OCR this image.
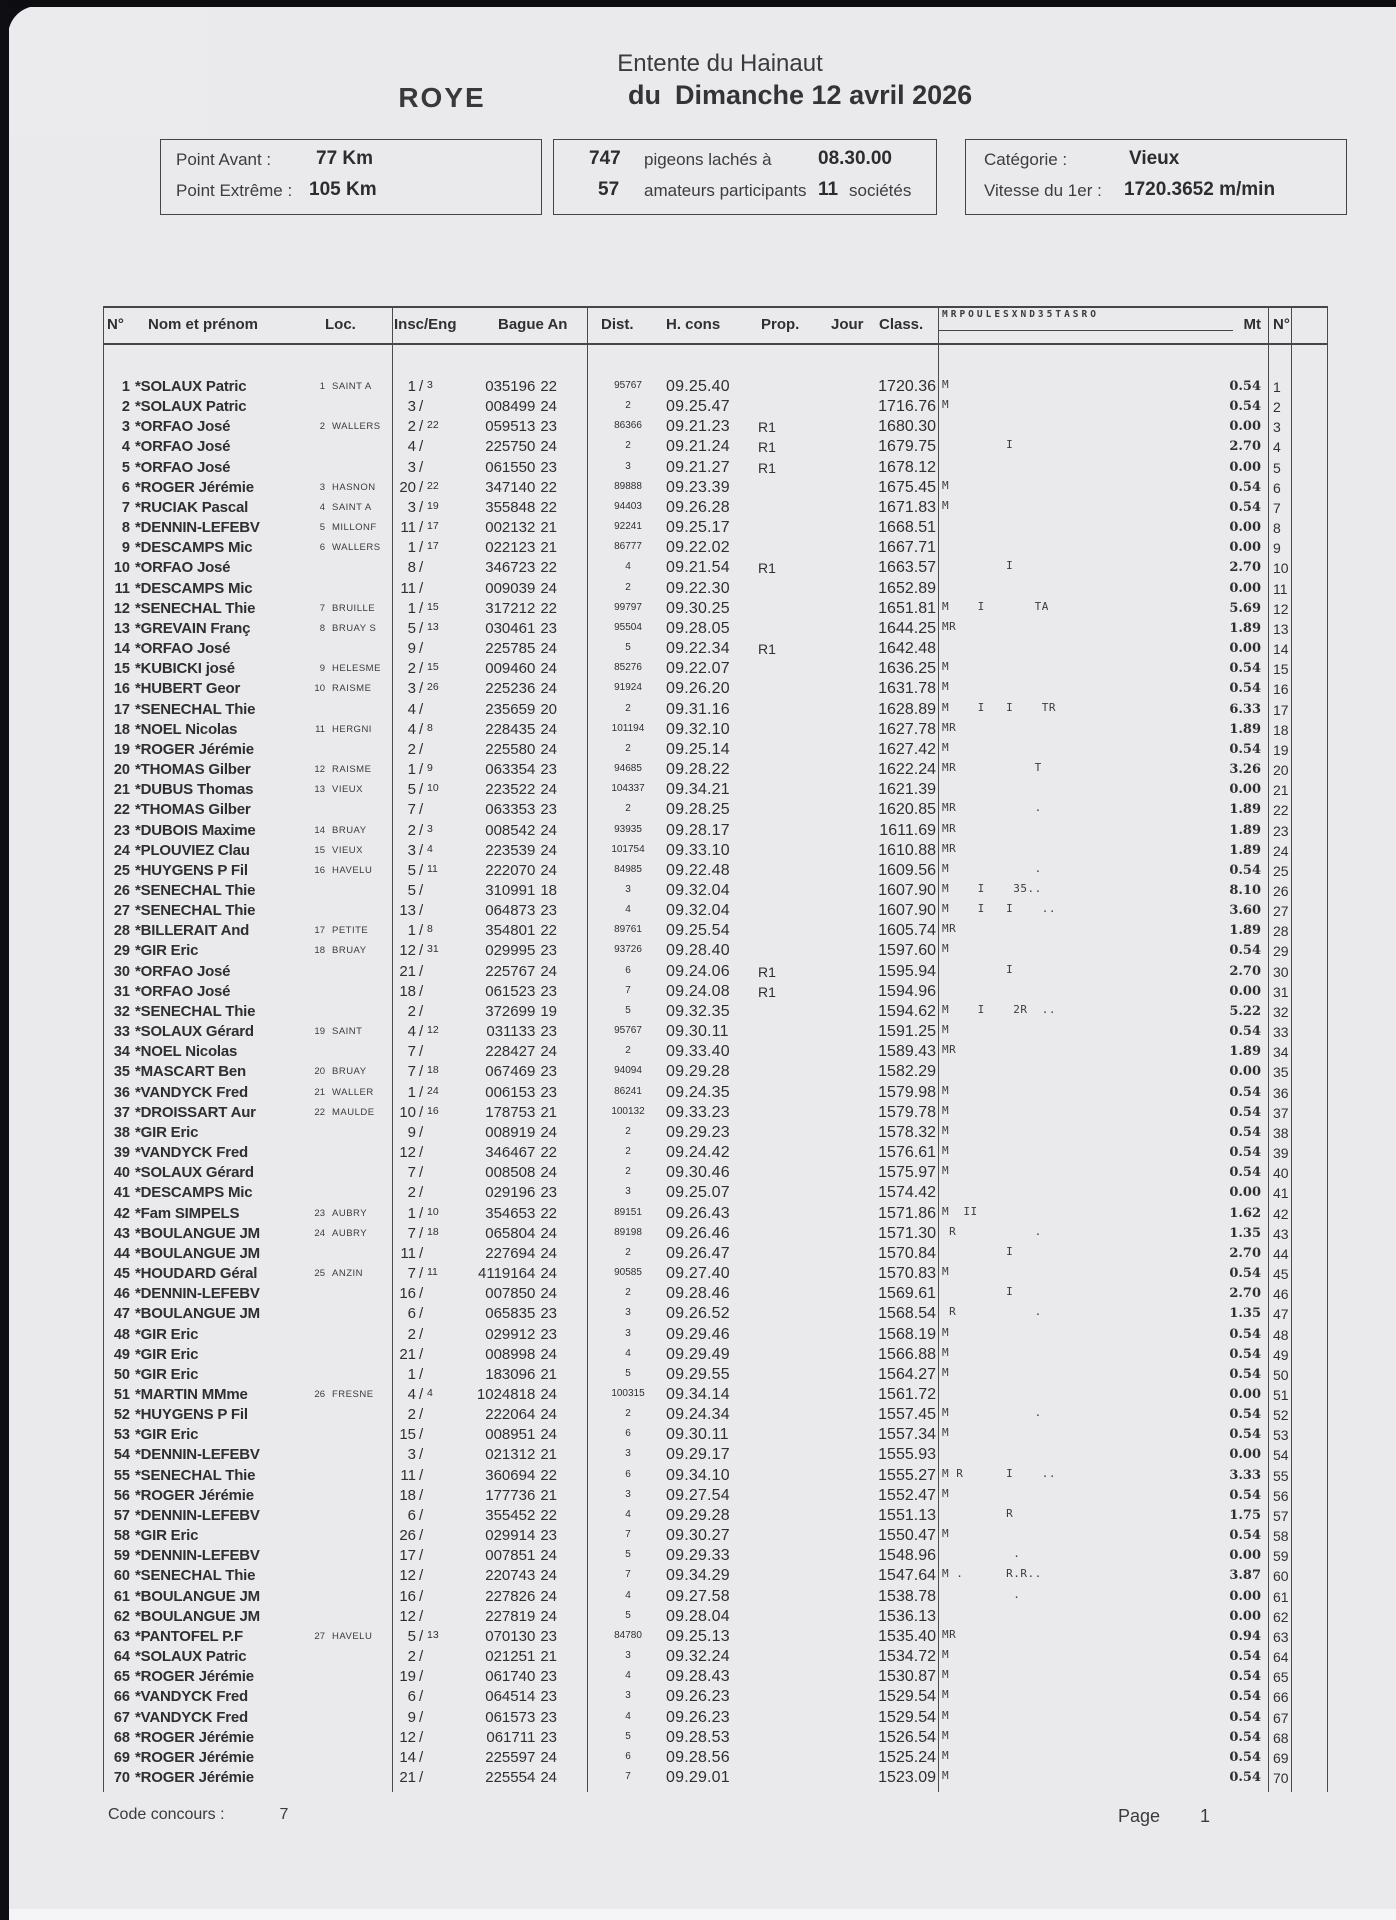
Entente du Hainaut
ROYE	du Dimanche 12 avril 2026
Point Avant : 77 Km
Point Extrême : 105 Km
747 pigeons lachés à 08.30.00
57 amateurs participants 11 sociétés
Catégorie :	Vieux
Vitesse du 1er : 1720.3652 m/min
N° Nom et prénom	Loc.	Insc/Eng	Bague An Dist. H. cons	Prop. Jour Class.
MRPOULESXND35TASRO
Mt N°
1 *SOLAUX Patric	1 SAINT A	1 / 3	035196 22	95767	09.25.40	1720.36 M	0.54 1
2 *SOLAUX Patric	3 /	008499 24	2	09.25.47	1716.76 M	0.54 2
3 *ORFAO José	2 WALLERS	2 / 22	059513 23	86366	09.21.23	R1	1680.30	0.00 3
4 *ORFAO José	4 /	225750 24	2	09.21.24	R1	1679.75 I	2.70 4
5 *ORFAO José	3 /	061550 23	3	09.21.27	R1	1678.12	0.00 5
6 *ROGER Jérémie	3 HASNON	20 / 22	347140 22	89888	09.23.39	1675.45 M	0.54 6
7 *RUCIAK Pascal	4 SAINT A	3 / 19	355848 22	94403	09.26.28	1671.83 M	0.54 7
8 *DENNIN-LEFEBV	5 MILLONF	11 / 17	002132 21	92241	09.25.17	1668.51	0.00 8
9 *DESCAMPS Mic	6 WALLERS	1 / 17	022123 21	86777	09.22.02	1667.71	0.00 9
10 *ORFAO José	8 /	346723 22	4	09.21.54	R1	1663.57 I	2.70 10
11 *DESCAMPS Mic	11 /	009039 24	2	09.22.30	1652.89	0.00 11
12 *SENECHAL Thie	7 BRUILLE	1 / 15	317212 22	99797	09.30.25	1651.81 M    I       TA	5.69 12
13 *GREVAIN Franç	8 BRUAY S	5 / 13	030461 23	95504	09.28.05	1644.25 MR	1.89 13
14 *ORFAO José	9 /	225785 24	5	09.22.34	R1	1642.48	0.00 14
15 *KUBICKI josé	9 HELESME	2 / 15	009460 24	85276	09.22.07	1636.25 M	0.54 15
16 *HUBERT Geor	10 RAISME	3 / 26	225236 24	91924	09.26.20	1631.78 M	0.54 16
17 *SENECHAL Thie	4 /	235659 20	2	09.31.16	1628.89 M    I   I    TR	6.33 17
18 *NOEL Nicolas	11 HERGNI	4 / 8	228435 24	101194	09.32.10	1627.78 MR	1.89 18
19 *ROGER Jérémie	2 /	225580 24	2	09.25.14	1627.42 M	0.54 19
20 *THOMAS Gilber	12 RAISME	1 / 9	063354 23	94685	09.28.22	1622.24 MR           T	3.26 20
21 *DUBUS Thomas	13 VIEUX	5 / 10	223522 24	104337	09.34.21	1621.39	0.00 21
22 *THOMAS Gilber	7 /	063353 23	2	09.28.25	1620.85 MR           .	1.89 22
23 *DUBOIS Maxime	14 BRUAY	2 / 3	008542 24	93935	09.28.17	1611.69 MR	1.89 23
24 *PLOUVIEZ Clau	15 VIEUX	3 / 4	223539 24	101754	09.33.10	1610.88 MR	1.89 24
25 *HUYGENS P Fil	16 HAVELU	5 / 11	222070 24	84985	09.22.48	1609.56 M            .	0.54 25
26 *SENECHAL Thie	5 /	310991 18	3	09.32.04	1607.90 M    I    35..	8.10 26
27 *SENECHAL Thie	13 /	064873 23	4	09.32.04	1607.90 M    I   I    ..	3.60 27
28 *BILLERAIT And	17 PETITE	1 / 8	354801 22	89761	09.25.54	1605.74 MR	1.89 28
29 *GIR Eric	18 BRUAY	12 / 31	029995 23	93726	09.28.40	1597.60 M	0.54 29
30 *ORFAO José	21 /	225767 24	6	09.24.06	R1	1595.94 I	2.70 30
31 *ORFAO José	18 /	061523 23	7	09.24.08	R1	1594.96	0.00 31
32 *SENECHAL Thie	2 /	372699 19	5	09.32.35	1594.62 M    I    2R  ..	5.22 32
33 *SOLAUX Gérard	19 SAINT	4 / 12	031133 23	95767	09.30.11	1591.25 M	0.54 33
34 *NOEL Nicolas	7 /	228427 24	2	09.33.40	1589.43 MR	1.89 34
35 *MASCART Ben	20 BRUAY	7 / 18	067469 23	94094	09.29.28	1582.29	0.00 35
36 *VANDYCK Fred	21 WALLER	1 / 24	006153 23	86241	09.24.35	1579.98 M	0.54 36
37 *DROISSART Aur	22 MAULDE	10 / 16	178753 21	100132	09.33.23	1579.78 M	0.54 37
38 *GIR Eric	9 /	008919 24	2	09.29.23	1578.32 M	0.54 38
39 *VANDYCK Fred	12 /	346467 22	2	09.24.42	1576.61 M	0.54 39
40 *SOLAUX Gérard	7 /	008508 24	2	09.30.46	1575.97 M	0.54 40
41 *DESCAMPS Mic	2 /	029196 23	3	09.25.07	1574.42	0.00 41
42 *Fam SIMPELS	23 AUBRY	1 / 10	354653 22	89151	09.26.43	1571.86 M  II	1.62 42
43 *BOULANGUE JM	24 AUBRY	7 / 18	065804 24	89198	09.26.46	1571.30 R           .	1.35 43
44 *BOULANGUE JM	11 /	227694 24	2	09.26.47	1570.84 I	2.70 44
45 *HOUDARD Géral	25 ANZIN	7 / 11	4119164 24	90585	09.27.40	1570.83 M	0.54 45
46 *DENNIN-LEFEBV	16 /	007850 24	2	09.28.46	1569.61 I	2.70 46
47 *BOULANGUE JM	6 /	065835 23	3	09.26.52	1568.54 R           .	1.35 47
48 *GIR Eric	2 /	029912 23	3	09.29.46	1568.19 M	0.54 48
49 *GIR Eric	21 /	008998 24	4	09.29.49	1566.88 M	0.54 49
50 *GIR Eric	1 /	183096 21	5	09.29.55	1564.27 M	0.54 50
51 *MARTIN MMme	26 FRESNE	4 / 4	1024818 24	100315	09.34.14	1561.72	0.00 51
52 *HUYGENS P Fil	2 /	222064 24	2	09.24.34	1557.45 M            .	0.54 52
53 *GIR Eric	15 /	008951 24	6	09.30.11	1557.34 M	0.54 53
54 *DENNIN-LEFEBV	3 /	021312 21	3	09.29.17	1555.93	0.00 54
55 *SENECHAL Thie	11 /	360694 22	6	09.34.10	1555.27 M R      I    ..	3.33 55
56 *ROGER Jérémie	18 /	177736 21	3	09.27.54	1552.47 M	0.54 56
57 *DENNIN-LEFEBV	6 /	355452 22	4	09.29.28	1551.13 R	1.75 57
58 *GIR Eric	26 /	029914 23	7	09.30.27	1550.47 M	0.54 58
59 *DENNIN-LEFEBV	17 /	007851 24	5	09.29.33	1548.96 .	0.00 59
60 *SENECHAL Thie	12 /	220743 24	7	09.34.29	1547.64 M .      R.R..	3.87 60
61 *BOULANGUE JM	16 /	227826 24	4	09.27.58	1538.78 .	0.00 61
62 *BOULANGUE JM	12 /	227819 24	5	09.28.04	1536.13	0.00 62
63 *PANTOFEL P.F	27 HAVELU	5 / 13	070130 23	84780	09.25.13	1535.40 MR	0.94 63
64 *SOLAUX Patric	2 /	021251 21	3	09.32.24	1534.72 M	0.54 64
65 *ROGER Jérémie	19 /	061740 23	4	09.28.43	1530.87 M	0.54 65
66 *VANDYCK Fred	6 /	064514 23	3	09.26.23	1529.54 M	0.54 66
67 *VANDYCK Fred	9 /	061573 23	4	09.26.23	1529.54 M	0.54 67
68 *ROGER Jérémie	12 /	061711 23	5	09.28.53	1526.54 M	0.54 68
69 *ROGER Jérémie	14 /	225597 24	6	09.28.56	1525.24 M	0.54 69
70 *ROGER Jérémie	21 /	225554 24	7	09.29.01	1523.09 M	0.54 70
Code concours :	7	Page 1
